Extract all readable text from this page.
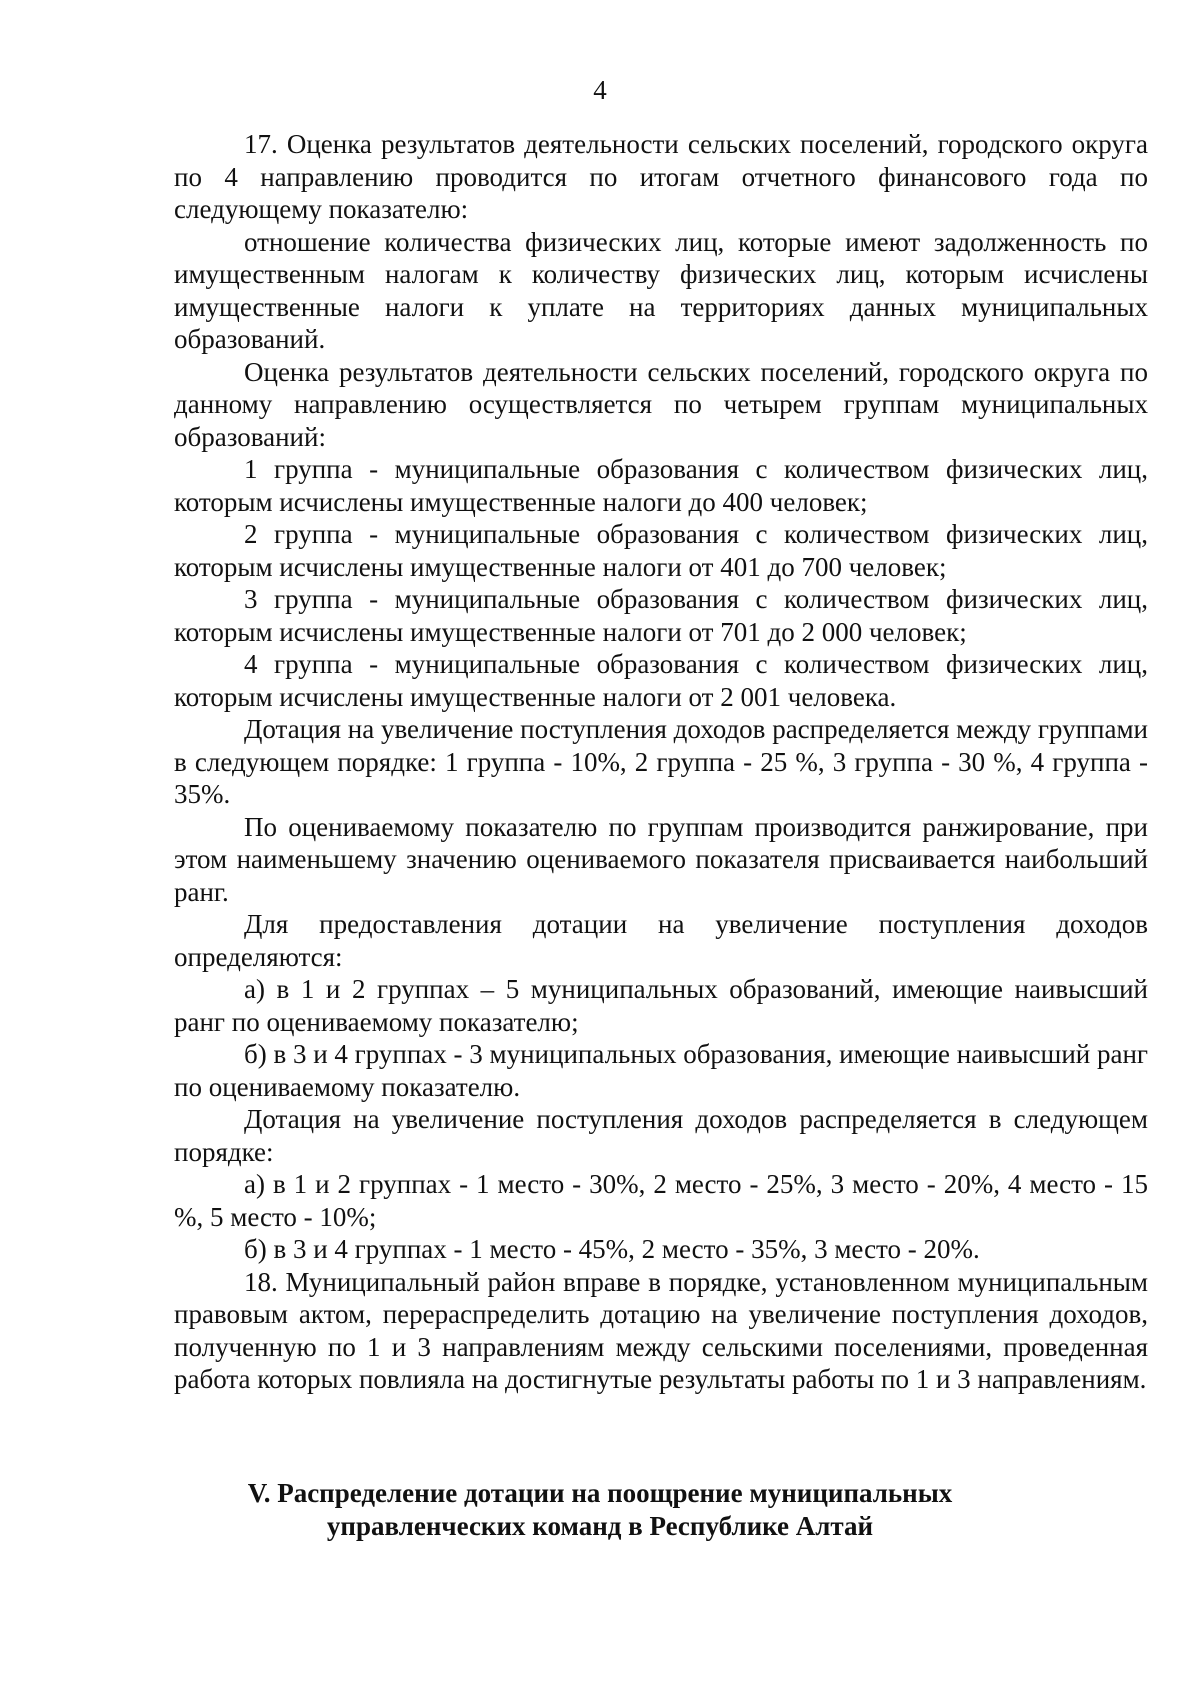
4

17. Оценка результатов деятельности сельских поселений, городского округа по 4 направлению проводится по итогам отчетного финансового года по следующему показателю:

отношение количества физических лиц, которые имеют задолженность по имущественным налогам к количеству физических лиц, которым исчислены имущественные налоги к уплате на территориях данных муниципальных образований.

Оценка результатов деятельности сельских поселений, городского округа по данному направлению осуществляется по четырем группам муниципальных образований:

1 группа - муниципальные образования с количеством физических лиц, которым исчислены имущественные налоги до 400 человек;

2 группа - муниципальные образования с количеством физических лиц, которым исчислены имущественные налоги от 401 до 700 человек;

3 группа - муниципальные образования с количеством физических лиц, которым исчислены имущественные налоги от 701 до 2 000 человек;

4 группа - муниципальные образования с количеством физических лиц, которым исчислены имущественные налоги от 2 001 человека.

Дотация на увеличение поступления доходов распределяется между группами в следующем порядке: 1 группа - 10%, 2 группа - 25 %, 3 группа - 30 %, 4 группа - 35%.

По оцениваемому показателю по группам производится ранжирование, при этом наименьшему значению оцениваемого показателя присваивается наибольший ранг.

Для предоставления дотации на увеличение поступления доходов определяются:

а) в 1 и 2 группах – 5 муниципальных образований, имеющие наивысший ранг по оцениваемому показателю;

б) в 3 и 4 группах - 3 муниципальных образования, имеющие наивысший ранг по оцениваемому показателю.

Дотация на увеличение поступления доходов распределяется в следующем порядке:

а) в 1 и 2 группах - 1 место - 30%, 2 место - 25%, 3 место - 20%, 4 место - 15 %, 5 место - 10%;

б) в 3 и 4 группах - 1 место - 45%, 2 место - 35%, 3 место - 20%.

18. Муниципальный район вправе в порядке, установленном муниципальным правовым актом, перераспределить дотацию на увеличение поступления доходов, полученную по 1 и 3 направлениям между сельскими поселениями, проведенная работа которых повлияла на достигнутые результаты работы по 1 и 3 направлениям.

V. Распределение дотации на поощрение муниципальных
управленческих команд в Республике Алтай
